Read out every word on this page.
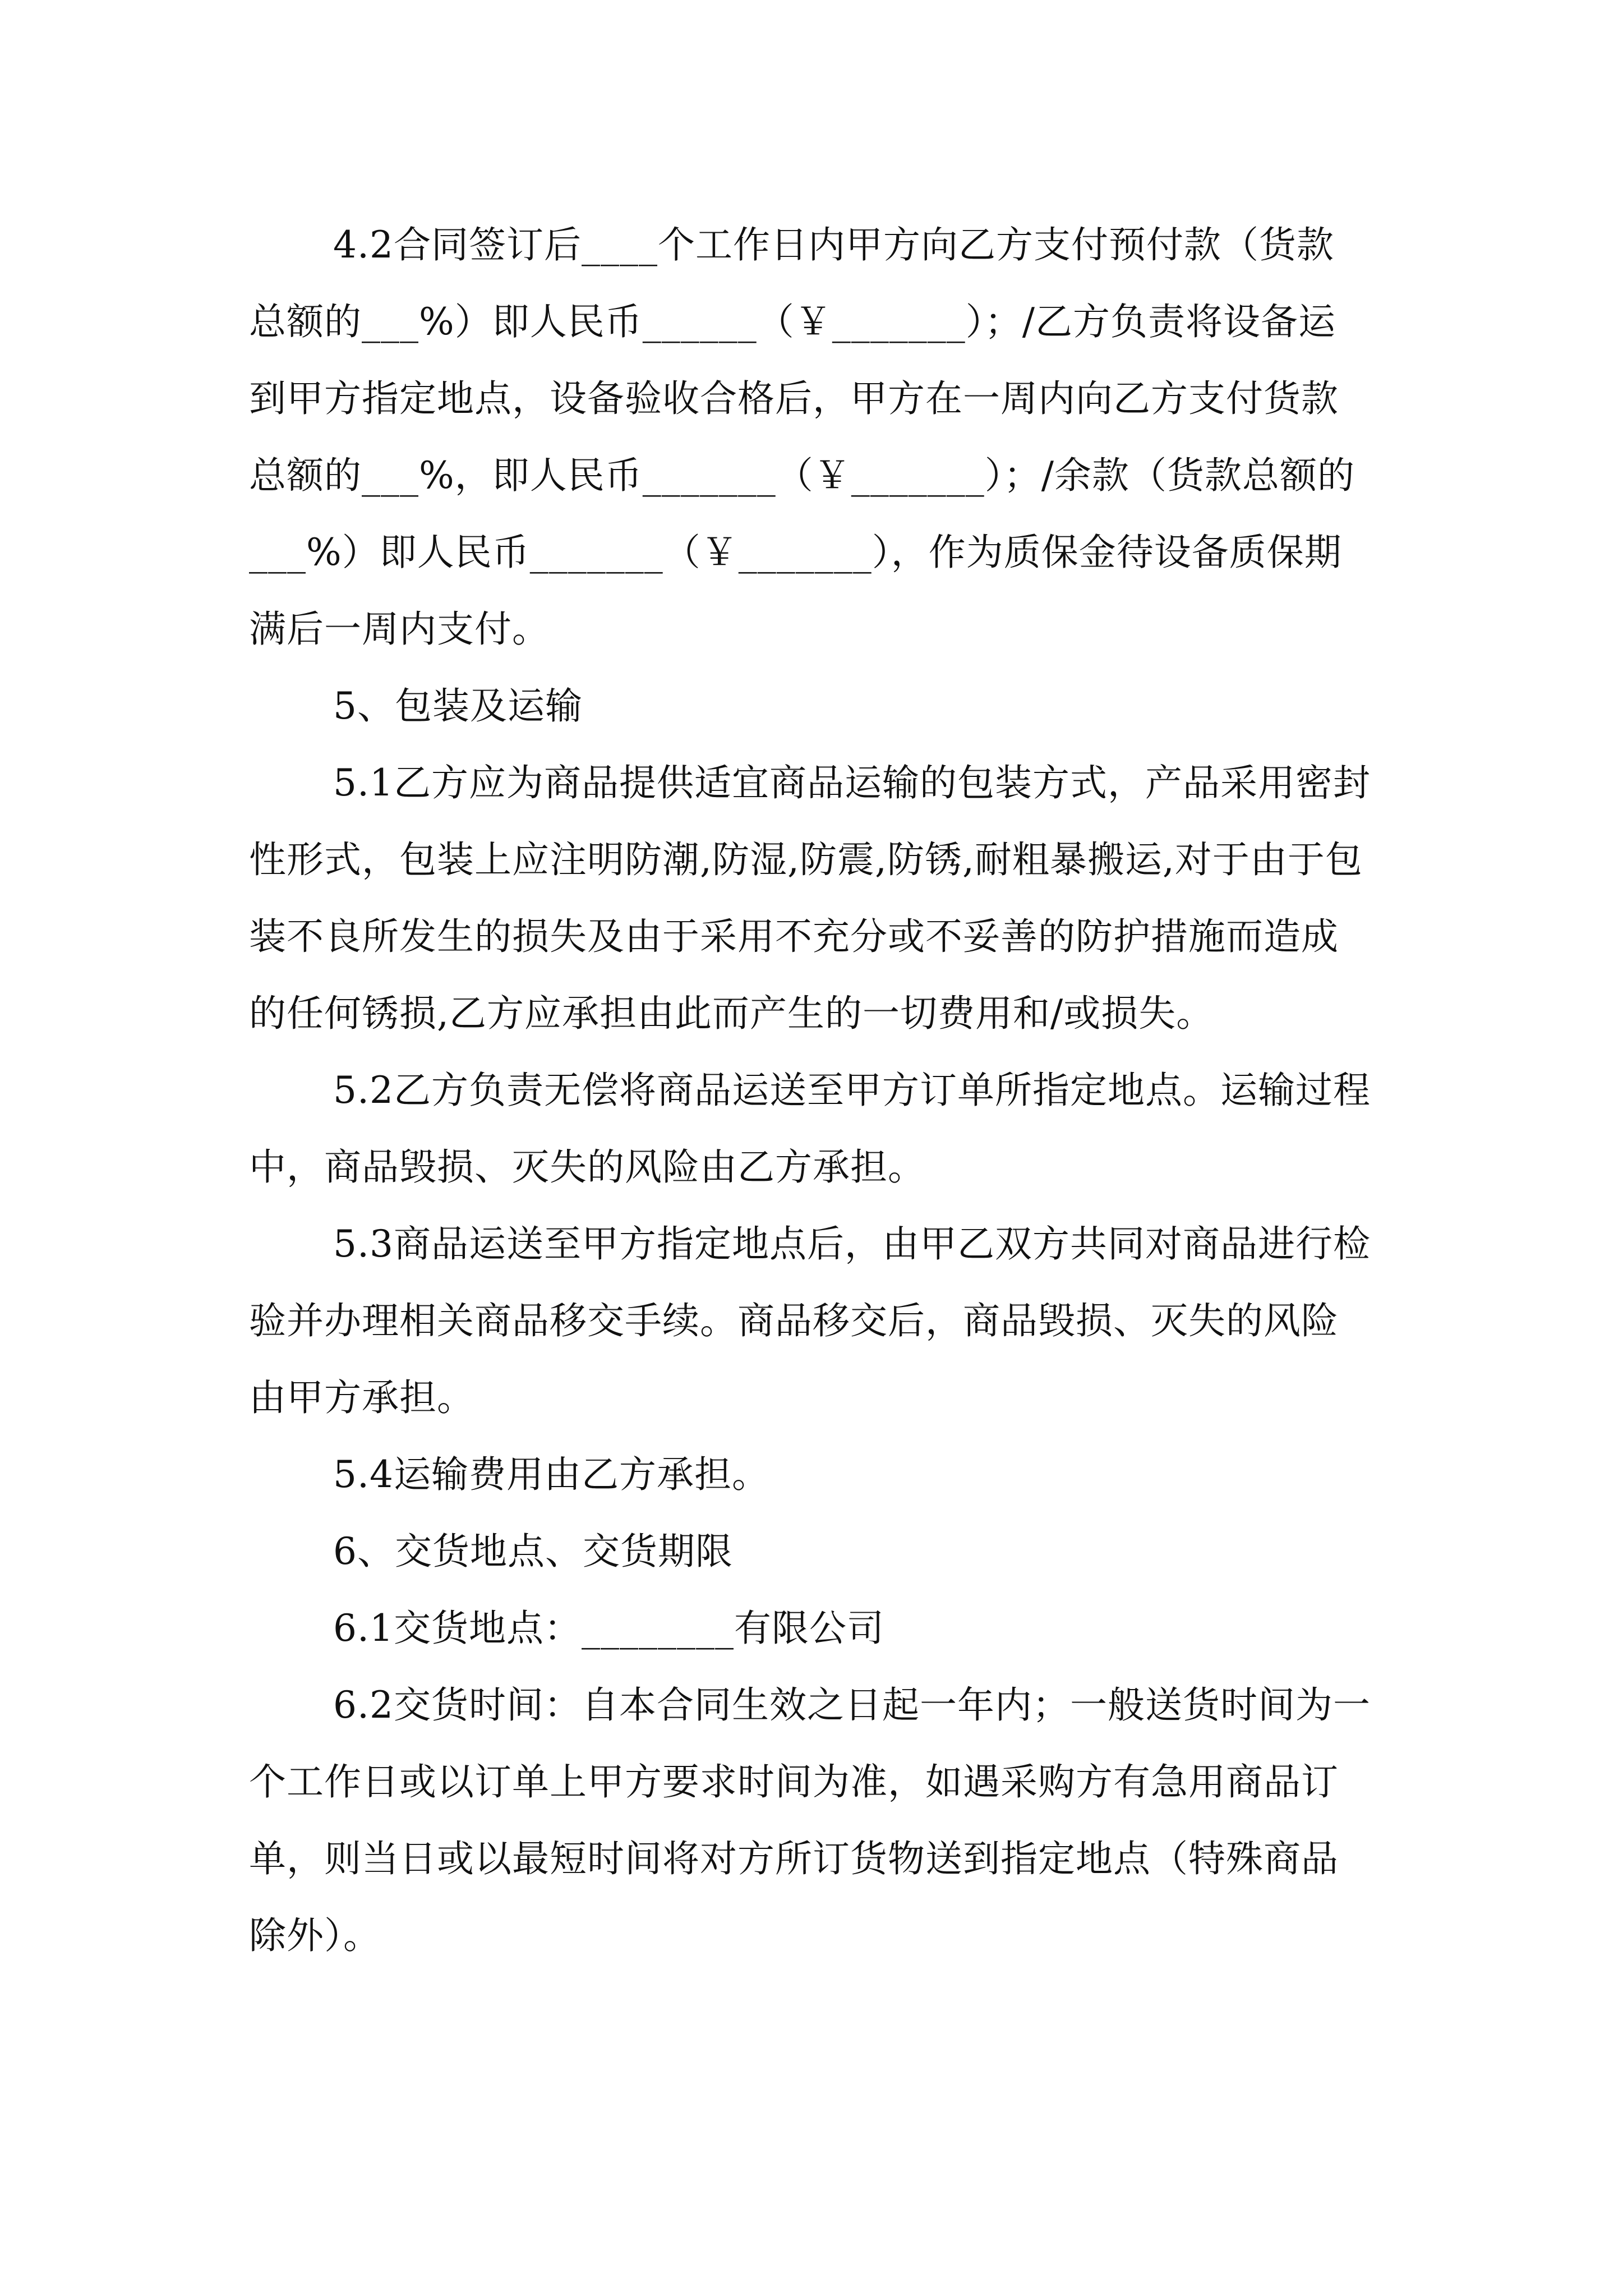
4.2合同签订后____个工作日内甲方向乙方支付预付款（货款总额的___%）即人民币______（￥_______）；/乙方负责将设备运到甲方指定地点，设备验收合格后，甲方在一周内向乙方支付货款总额的___%，即人民币_______（￥_______）；/余款（货款总额的___%）即人民币_______（￥_______），作为质保金待设备质保期满后一周内支付。

5、包装及运输

5.1乙方应为商品提供适宜商品运输的包装方式，产品采用密封性形式，包装上应注明防潮,防湿,防震,防锈,耐粗暴搬运,对于由于包装不良所发生的损失及由于采用不充分或不妥善的防护措施而造成的任何锈损,乙方应承担由此而产生的一切费用和/或损失。

5.2乙方负责无偿将商品运送至甲方订单所指定地点。运输过程中，商品毁损、灭失的风险由乙方承担。

5.3商品运送至甲方指定地点后，由甲乙双方共同对商品进行检验并办理相关商品移交手续。商品移交后，商品毁损、灭失的风险由甲方承担。

5.4运输费用由乙方承担。

6、交货地点、交货期限

6.1交货地点：________有限公司

6.2交货时间：自本合同生效之日起一年内；一般送货时间为一个工作日或以订单上甲方要求时间为准，如遇采购方有急用商品订单，则当日或以最短时间将对方所订货物送到指定地点（特殊商品除外）。
